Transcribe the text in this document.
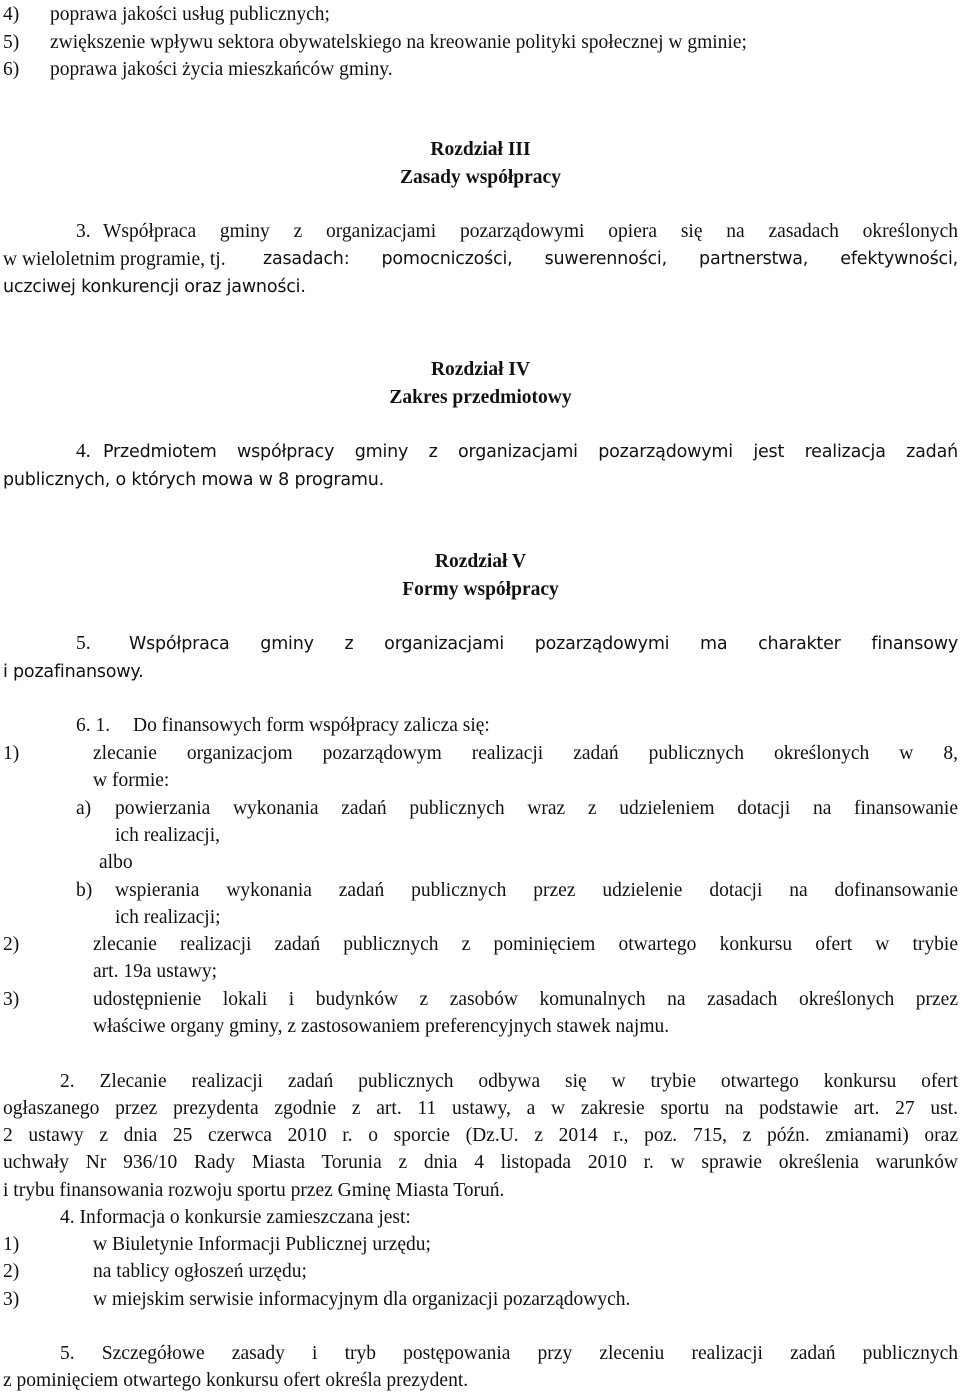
4) poprawa jakości usług publicznych;
5) zwiększenie wpływu sektora obywatelskiego na kreowanie polityki społecznej w gminie;
6) poprawa jakości życia mieszkańców gminy.
Rozdział III
Zasady współpracy
3. Współpraca gminy z organizacjami pozarządowymi opiera się na zasadach określonych
w wieloletnim programie, tj. zasadach: pomocniczości, suwerenności, partnerstwa, efektywności,
uczciwej konkurencji oraz jawności.
Rozdział IV
Zakres przedmiotowy
4. Przedmiotem współpracy gminy z organizacjami pozarządowymi jest realizacja zadań
publicznych, o których mowa w 8 programu.
Rozdział V
Formy współpracy
5. Współpraca gminy z organizacjami pozarządowymi ma charakter finansowy
i pozafinansowy.
6. 1. Do finansowych form współpracy zalicza się:
1)	zlecanie organizacjom pozarządowym realizacji zadań publicznych określonych w 8,
w formie:
a) powierzania wykonania zadań publicznych wraz z udzieleniem dotacji na finansowanie
ich realizacji,
albo
b) wspierania wykonania zadań publicznych przez udzielenie dotacji na dofinansowanie
ich realizacji;
2)	zlecanie realizacji zadań publicznych z pominięciem otwartego konkursu ofert w trybie
art. 19a ustawy;
3)	udostępnienie lokali i budynków z zasobów komunalnych na zasadach określonych przez
właściwe organy gminy, z zastosowaniem preferencyjnych stawek najmu.
2. Zlecanie realizacji zadań publicznych odbywa się w trybie otwartego konkursu ofert
ogłaszanego przez prezydenta zgodnie z art. 11 ustawy, a w zakresie sportu na podstawie art. 27 ust.
2 ustawy z dnia 25 czerwca 2010 r. o sporcie (Dz.U. z 2014 r., poz. 715, z późn. zmianami) oraz
uchwały Nr 936/10 Rady Miasta Torunia z dnia 4 listopada 2010 r. w sprawie określenia warunków
i trybu finansowania rozwoju sportu przez Gminę Miasta Toruń.
4. Informacja o konkursie zamieszczana jest:
1)	w Biuletynie Informacji Publicznej urzędu;
2)	na tablicy ogłoszeń urzędu;
3)	w miejskim serwisie informacyjnym dla organizacji pozarządowych.
5. Szczegółowe zasady i tryb postępowania przy zleceniu realizacji zadań publicznych
z pominięciem otwartego konkursu ofert określa prezydent.
